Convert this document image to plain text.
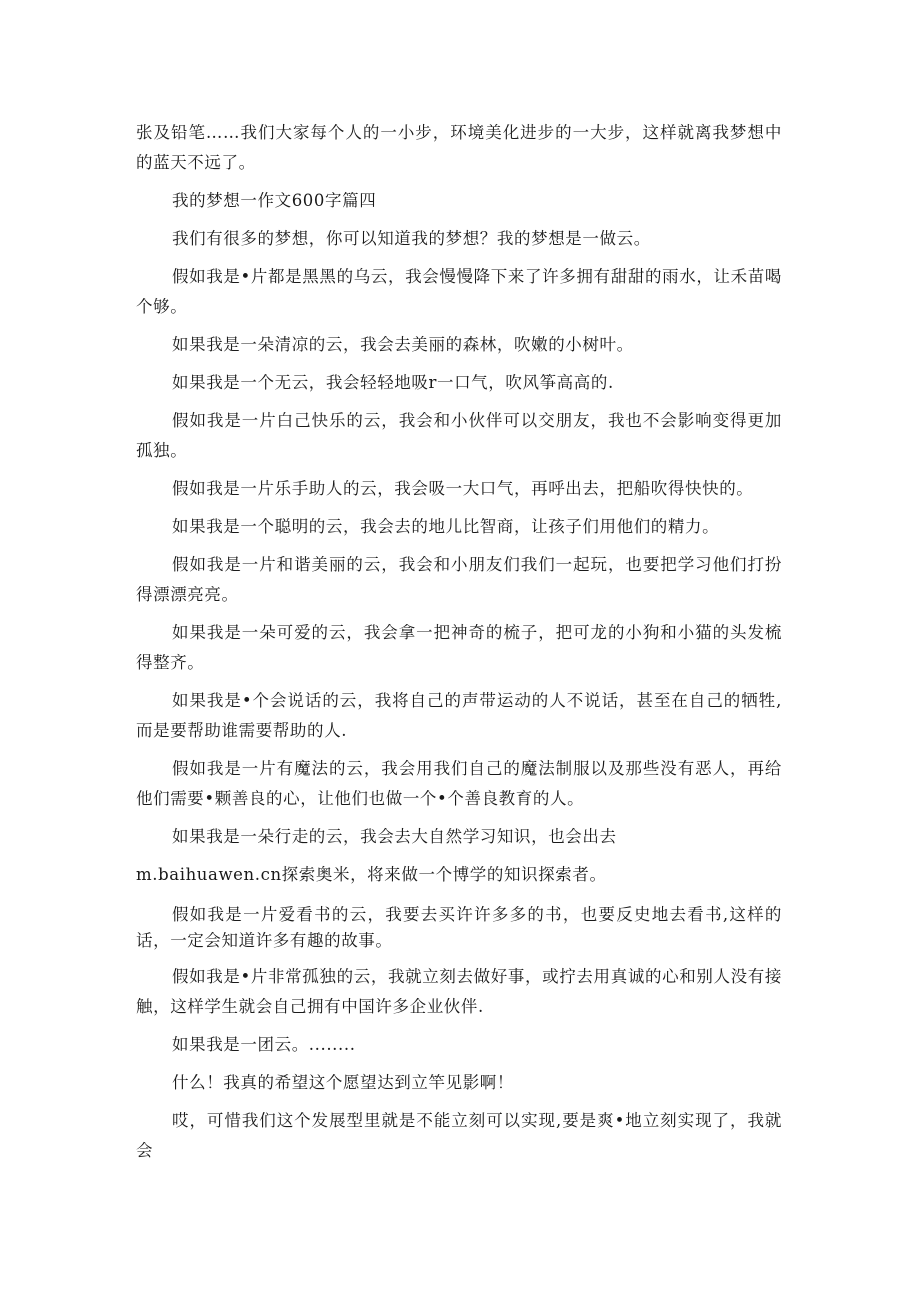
张及铅笔……我们大家每个人的一小步，环境美化进步的一大步，这样就离我梦想中的蓝天不远了。

我的梦想一作文600字篇四

我们有很多的梦想，你可以知道我的梦想？我的梦想是一做云。

假如我是•片都是黑黑的乌云，我会慢慢降下来了许多拥有甜甜的雨水，让禾苗喝个够。

如果我是一朵清凉的云，我会去美丽的森林，吹嫩的小树叶。

如果我是一个无云，我会轻轻地吸r一口气，吹风筝高高的.

假如我是一片白己快乐的云，我会和小伙伴可以交朋友，我也不会影响变得更加孤独。

假如我是一片乐手助人的云，我会吸一大口气，再呼出去，把船吹得快快的。

如果我是一个聪明的云，我会去的地儿比智商，让孩子们用他们的精力。

假如我是一片和谐美丽的云，我会和小朋友们我们一起玩，也要把学习他们打扮得漂漂亮亮。

如果我是一朵可爱的云，我会拿一把神奇的梳子，把可龙的小狗和小猫的头发梳得整齐。

如果我是•个会说话的云，我将自己的声带运动的人不说话，甚至在自己的牺牲,而是要帮助谁需要帮助的人.

假如我是一片有魔法的云，我会用我们自己的魔法制服以及那些没有恶人，再给他们需要•颗善良的心，让他们也做一个•个善良教育的人。

如果我是一朵行走的云，我会去大自然学习知识，也会出去

m.baihuawen.cn探索奥米，将来做一个博学的知识探索者。

假如我是一片爱看书的云，我要去买许许多多的书，也要反史地去看书,这样的话，一定会知道许多有趣的故事。

假如我是•片非常孤独的云，我就立刻去做好事，或拧去用真诚的心和别人没有接触，这样学生就会自己拥有中国许多企业伙伴.

如果我是一团云。........

什么！我真的希望这个愿望达到立竿见影啊！

哎，可惜我们这个发展型里就是不能立刻可以实现,要是爽•地立刻实现了，我就会
